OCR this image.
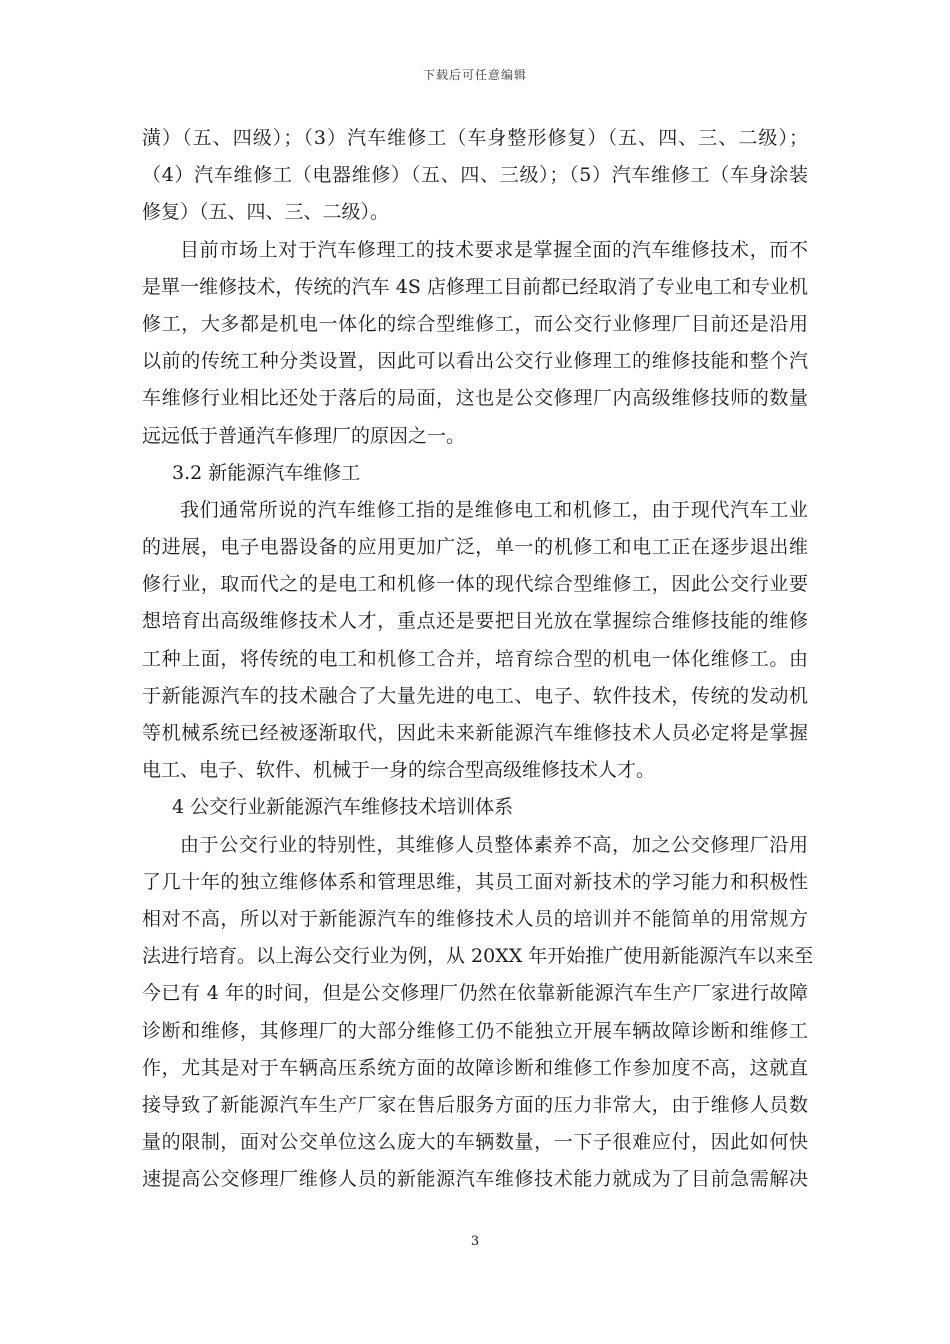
下载后可任意编辑
潢）（五、四级）；（3）汽车维修工（车身整形修复）（五、四、三、二级）；
（4）汽车维修工（电器维修）（五、四、三级）；（5）汽车维修工（车身涂装
修复）（五、四、三、二级）。
目前市场上对于汽车修理工的技术要求是掌握全面的汽车维修技术，而不
是單一维修技术，传统的汽车 4S 店修理工目前都已经取消了专业电工和专业机
修工，大多都是机电一体化的综合型维修工，而公交行业修理厂目前还是沿用
以前的传统工种分类设置，因此可以看出公交行业修理工的维修技能和整个汽
车维修行业相比还处于落后的局面，这也是公交修理厂内高级维修技师的数量
远远低于普通汽车修理厂的原因之一。
3.2 新能源汽车维修工
我们通常所说的汽车维修工指的是维修电工和机修工，由于现代汽车工业
的进展，电子电器设备的应用更加广泛，单一的机修工和电工正在逐步退出维
修行业，取而代之的是电工和机修一体的现代综合型维修工，因此公交行业要
想培育出高级维修技术人才，重点还是要把目光放在掌握综合维修技能的维修
工种上面，将传统的电工和机修工合并，培育综合型的机电一体化维修工。由
于新能源汽车的技术融合了大量先进的电工、电子、软件技术，传统的发动机
等机械系统已经被逐渐取代，因此未来新能源汽车维修技术人员必定将是掌握
电工、电子、软件、机械于一身的综合型高级维修技术人才。
4 公交行业新能源汽车维修技术培训体系
由于公交行业的特别性，其维修人员整体素养不高，加之公交修理厂沿用
了几十年的独立维修体系和管理思维，其员工面对新技术的学习能力和积极性
相对不高，所以对于新能源汽车的维修技术人员的培训并不能简单的用常规方
法进行培育。以上海公交行业为例，从 20XX 年开始推广使用新能源汽车以来至
今已有 4 年的时间，但是公交修理厂仍然在依靠新能源汽车生产厂家进行故障
诊断和维修，其修理厂的大部分维修工仍不能独立开展车辆故障诊断和维修工
作，尤其是对于车辆高压系统方面的故障诊断和维修工作参加度不高，这就直
接导致了新能源汽车生产厂家在售后服务方面的压力非常大，由于维修人员数
量的限制，面对公交单位这么庞大的车辆数量，一下子很难应付，因此如何快
速提高公交修理厂维修人员的新能源汽车维修技术能力就成为了目前急需解决
3
